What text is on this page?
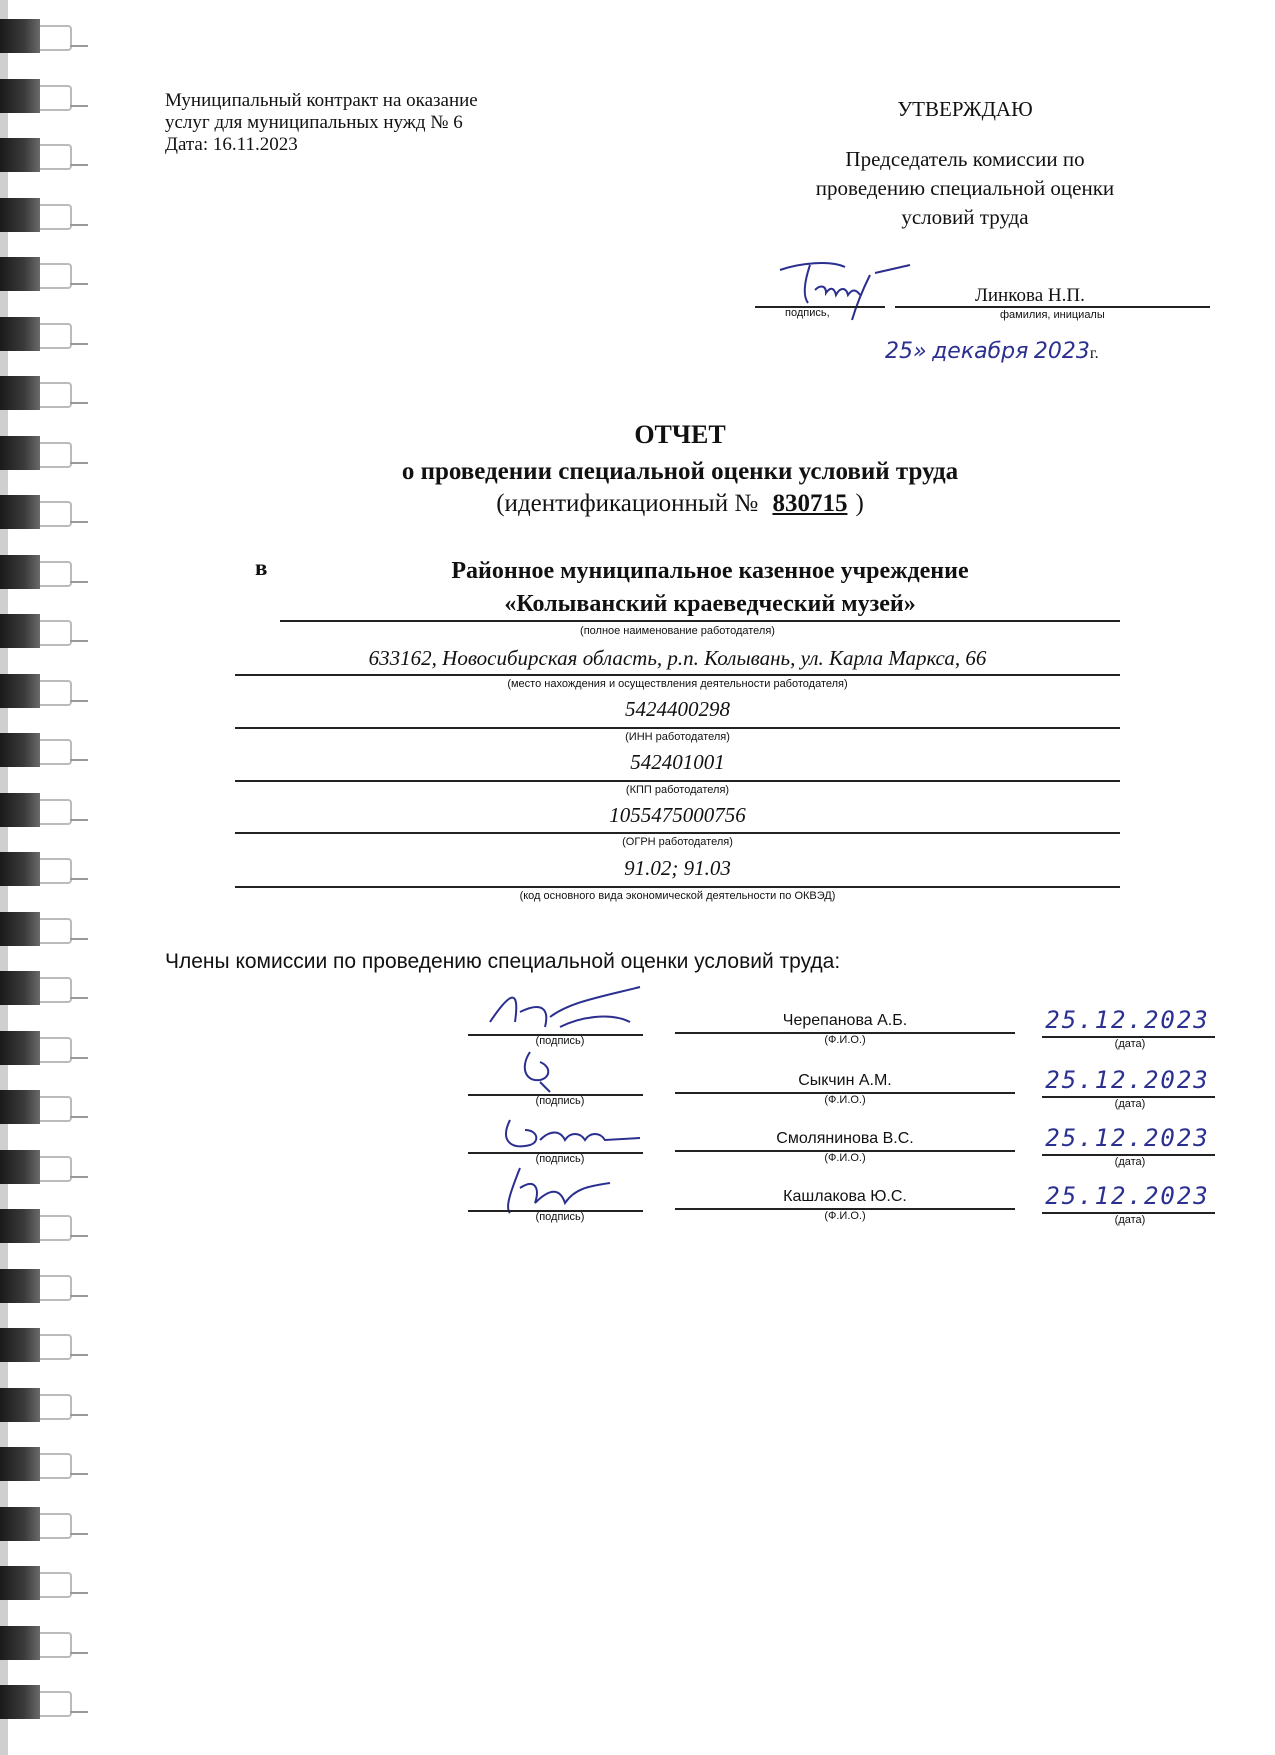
Муниципальный контракт на оказание
услуг для муниципальных нужд № 6
Дата: 16.11.2023
УТВЕРЖДАЮ
Председатель комиссии по
проведению специальной оценки
условий труда
Линкова Н.П.
подпись,	фамилия, инициалы
25» декабря 2023г.
ОТЧЕТ
о проведении специальной оценки условий труда
(идентификационный № 830715 )
в	Районное муниципальное казенное учреждение
«Колыванский краеведческий музей»
(полное наименование работодателя)
633162, Новосибирская область, р.п. Колывань, ул. Карла Маркса, 66
(место нахождения и осуществления деятельности работодателя)
5424400298
(ИНН работодателя)
542401001
(КПП работодателя)
1055475000756
(ОГРН работодателя)
91.02; 91.03
(код основного вида экономической деятельности по ОКВЭД)
Члены комиссии по проведению специальной оценки условий труда:
(подпись)
Черепанова А.Б.
(Ф.И.О.)
25.12.2023
(дата)
(подпись)
Сыкчин А.М.
(Ф.И.О.)
25.12.2023
(дата)
(подпись)
Смолянинова В.С.
(Ф.И.О.)
25.12.2023
(дата)
(подпись)
Кашлакова Ю.С.
(Ф.И.О.)
25.12.2023
(дата)
